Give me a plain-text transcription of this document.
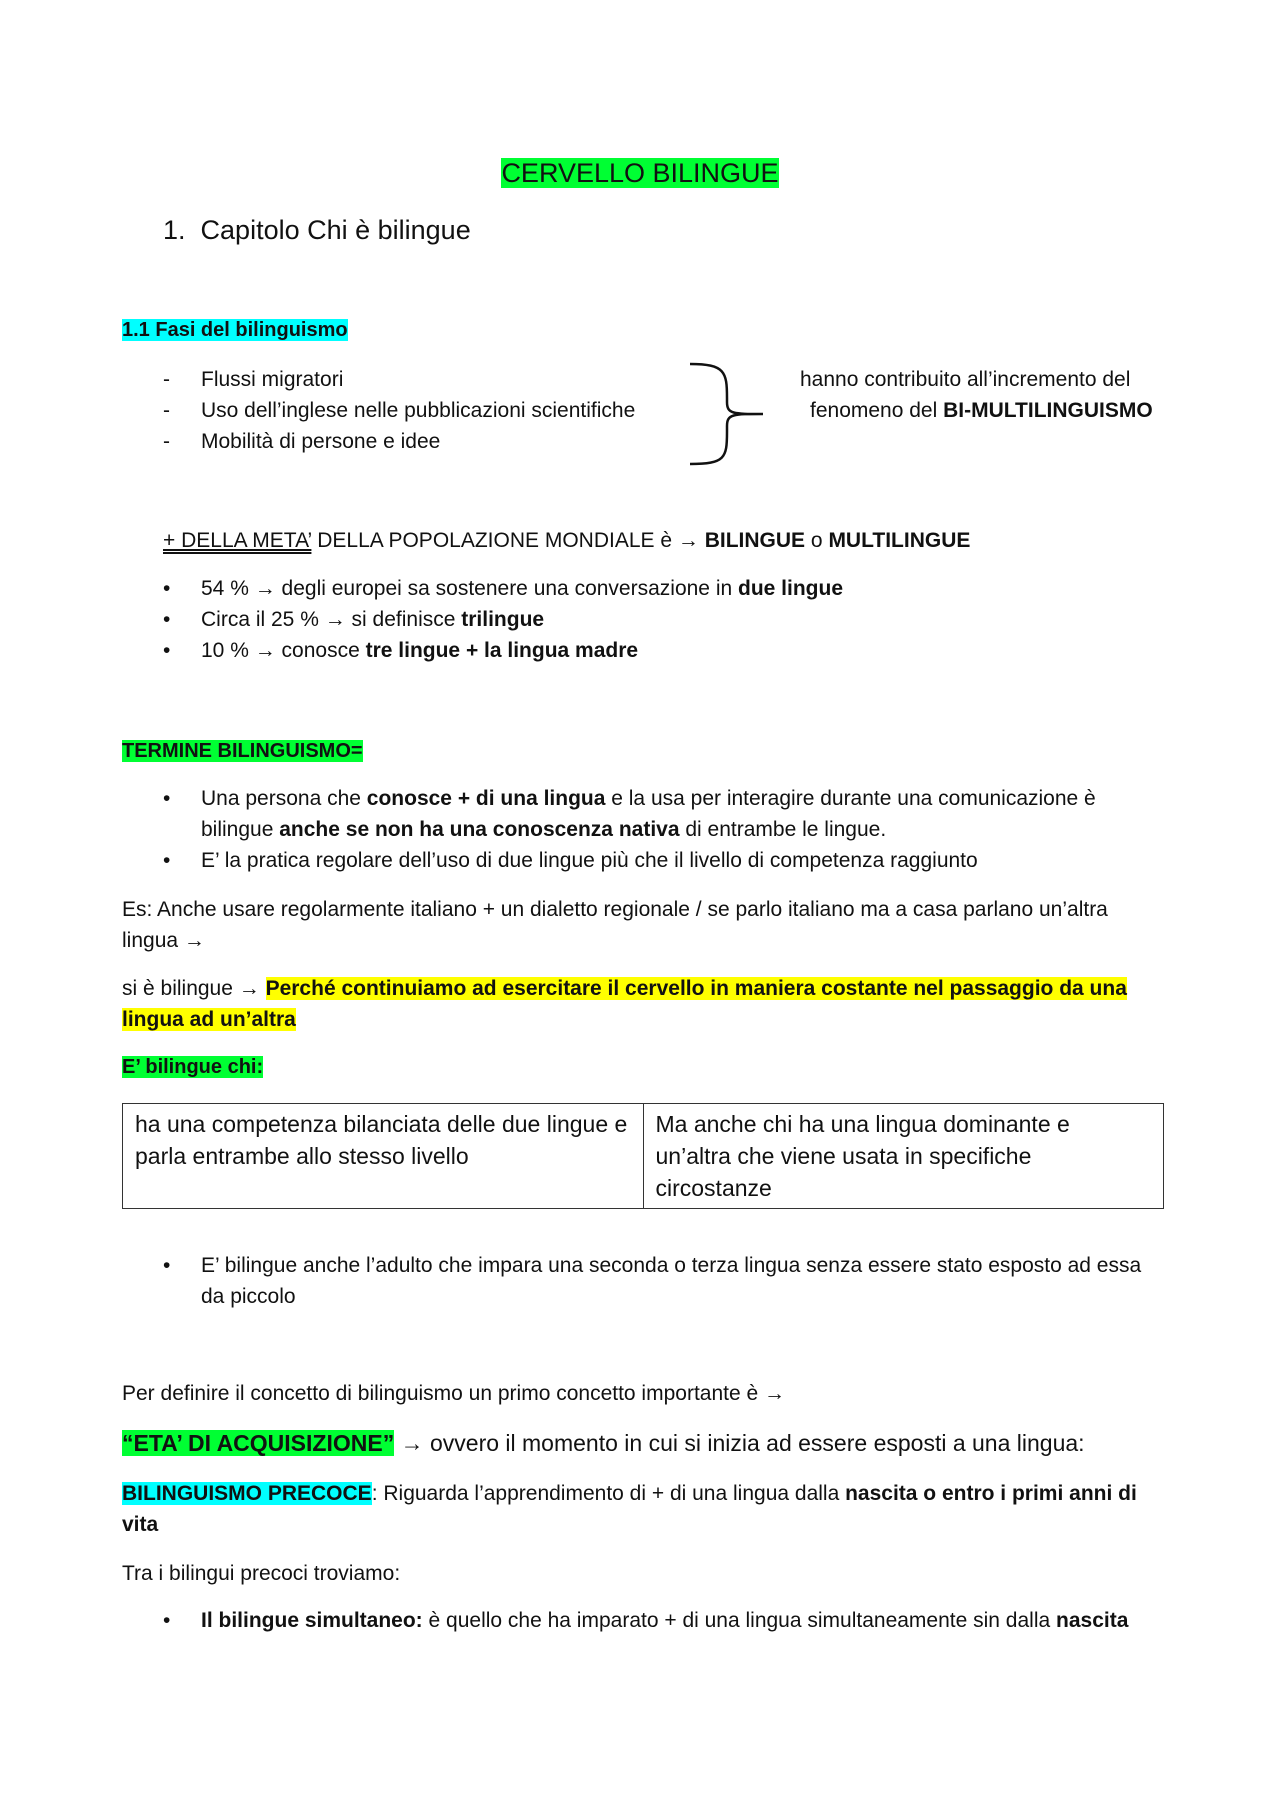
CERVELLO BILINGUE
1. Capitolo Chi è bilingue
1.1 Fasi del bilinguismo
- Flussi migratori
- Uso dell’inglese nelle pubblicazioni scientifiche
- Mobilità di persone e idee
hanno contribuito all’incremento del
fenomeno del BI-MULTILINGUISMO
+ DELLA META’ DELLA POPOLAZIONE MONDIALE è → BILINGUE o MULTILINGUE
• 54 % → degli europei sa sostenere una conversazione in due lingue
• Circa il 25 % → si definisce trilingue
• 10 % → conosce tre lingue + la lingua madre
TERMINE BILINGUISMO=
• Una persona che conosce + di una lingua e la usa per interagire durante una comunicazione è
bilingue anche se non ha una conoscenza nativa di entrambe le lingue.
• E’ la pratica regolare dell’uso di due lingue più che il livello di competenza raggiunto
Es: Anche usare regolarmente italiano + un dialetto regionale / se parlo italiano ma a casa parlano un’altra
lingua →
si è bilingue → Perché continuiamo ad esercitare il cervello in maniera costante nel passaggio da una
lingua ad un’altra
E’ bilingue chi:
ha una competenza bilanciata delle due lingue e parla entrambe allo stesso livello	Ma anche chi ha una lingua dominante e un’altra che viene usata in specifiche circostanze
• E’ bilingue anche l’adulto che impara una seconda o terza lingua senza essere stato esposto ad essa
da piccolo
Per definire il concetto di bilinguismo un primo concetto importante è →
“ETA’ DI ACQUISIZIONE” → ovvero il momento in cui si inizia ad essere esposti a una lingua:
BILINGUISMO PRECOCE: Riguarda l’apprendimento di + di una lingua dalla nascita o entro i primi anni di
vita
Tra i bilingui precoci troviamo:
• Il bilingue simultaneo: è quello che ha imparato + di una lingua simultaneamente sin dalla nascita
